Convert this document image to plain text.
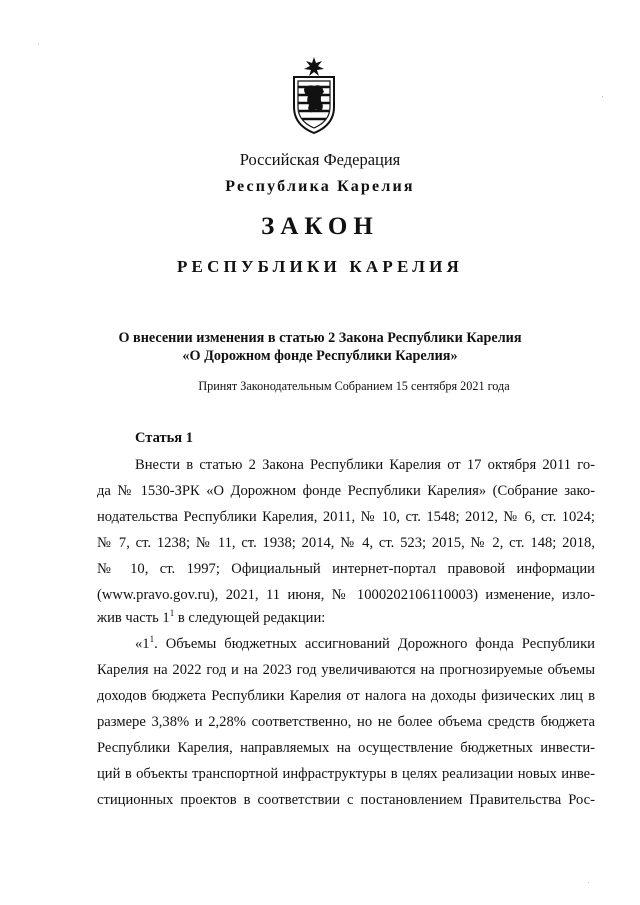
Российская Федерация
Республика Карелия
ЗАКОН
РЕСПУБЛИКИ КАРЕЛИЯ
О внесении изменения в статью 2 Закона Республики Карелия
«О Дорожном фонде Республики Карелия»
Принят Законодательным Собранием 15 сентября 2021 года
Статья 1
Внести в статью 2 Закона Республики Карелия от 17 октября 2011 го-
да № 1530-ЗРК «О Дорожном фонде Республики Карелия» (Собрание зако-
нодательства Республики Карелия, 2011, № 10, ст. 1548; 2012, № 6, ст. 1024;
№ 7, ст. 1238; № 11, ст. 1938; 2014, № 4, ст. 523; 2015, № 2, ст. 148; 2018,
№ 10, ст. 1997; Официальный интернет-портал правовой информации
(www.pravo.gov.ru), 2021, 11 июня, № 1000202106110003) изменение, изло-
жив часть $1^1$ в следующей редакции:
«$1^1$. Объемы бюджетных ассигнований Дорожного фонда Республики
Карелия на 2022 год и на 2023 год увеличиваются на прогнозируемые объемы
доходов бюджета Республики Карелия от налога на доходы физических лиц в
размере 3,38% и 2,28% соответственно, но не более объема средств бюджета
Республики Карелия, направляемых на осуществление бюджетных инвести-
ций в объекты транспортной инфраструктуры в целях реализации новых инве-
стиционных проектов в соответствии с постановлением Правительства Рос-
